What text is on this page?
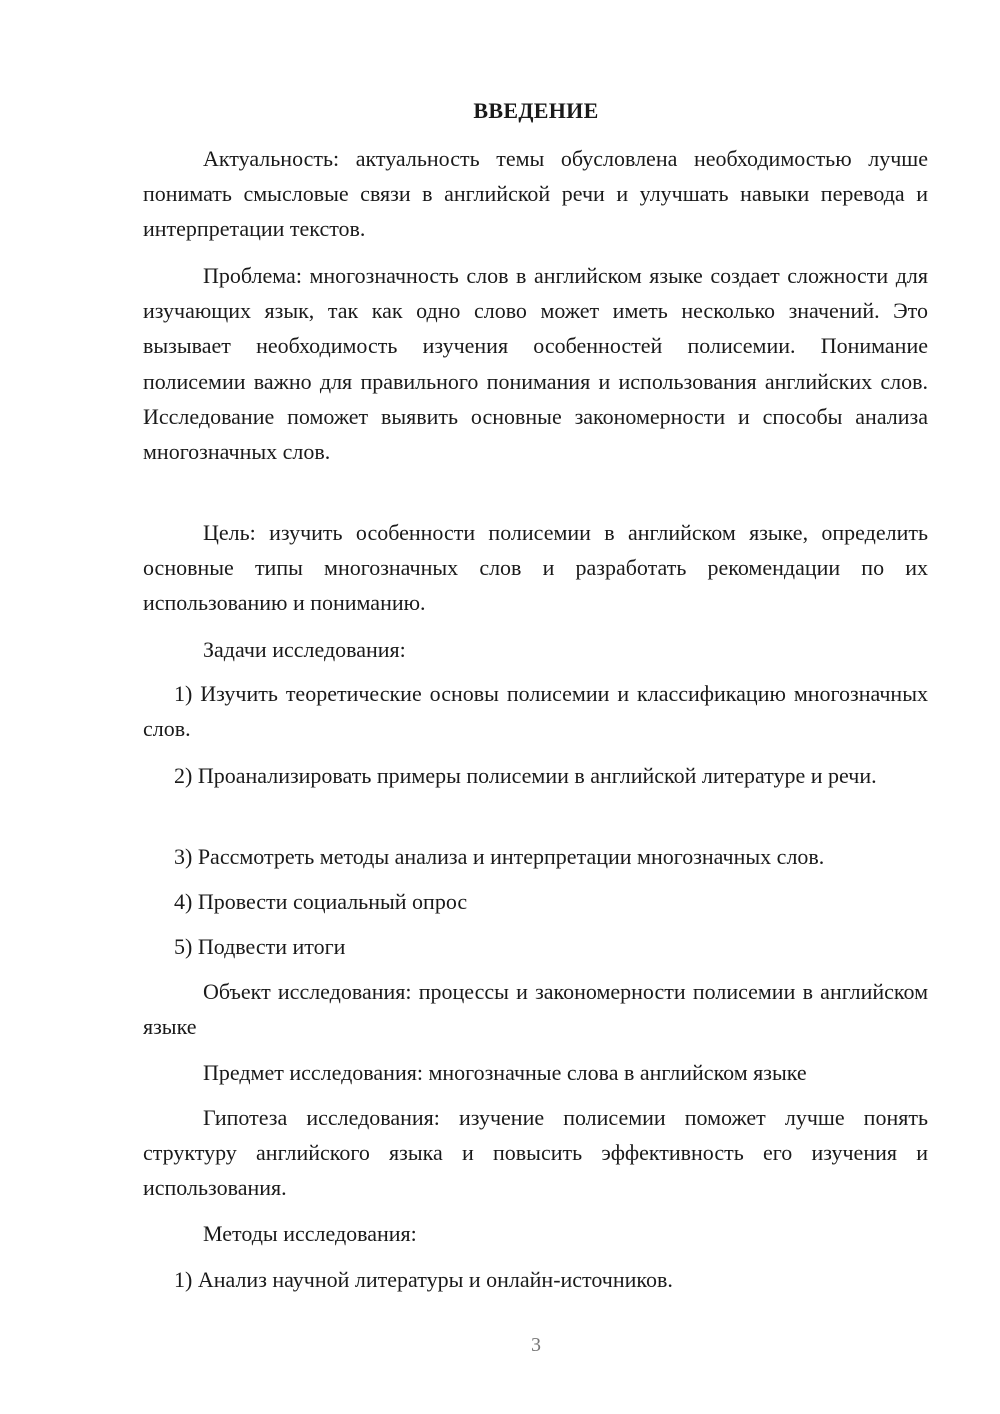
ВВЕДЕНИЕ

Актуальность: актуальность темы обусловлена необходимостью лучше понимать смысловые связи в английской речи и улучшать навыки перевода и интерпретации текстов.

Проблема: многозначность слов в английском языке создает сложности для изучающих язык, так как одно слово может иметь несколько значений. Это вызывает необходимость изучения особенностей полисемии. Понимание полисемии важно для правильного понимания и использования английских слов. Исследование поможет выявить основные закономерности и способы анализа многозначных слов.

Цель: изучить особенности полисемии в английском языке, определить основные типы многозначных слов и разработать рекомендации по их использованию и пониманию.

Задачи исследования:

1) Изучить теоретические основы полисемии и классификацию многозначных слов.

2) Проанализировать примеры полисемии в английской литературе и речи.

3) Рассмотреть методы анализа и интерпретации многозначных слов.
4) Провести социальный опрос
5) Подвести итоги

Объект исследования: процессы и закономерности полисемии в английском языке

Предмет исследования: многозначные слова в английском языке

Гипотеза исследования: изучение полисемии поможет лучше понять структуру английского языка и повысить эффективность его изучения и использования.

Методы исследования:
1) Анализ научной литературы и онлайн-источников.
3
